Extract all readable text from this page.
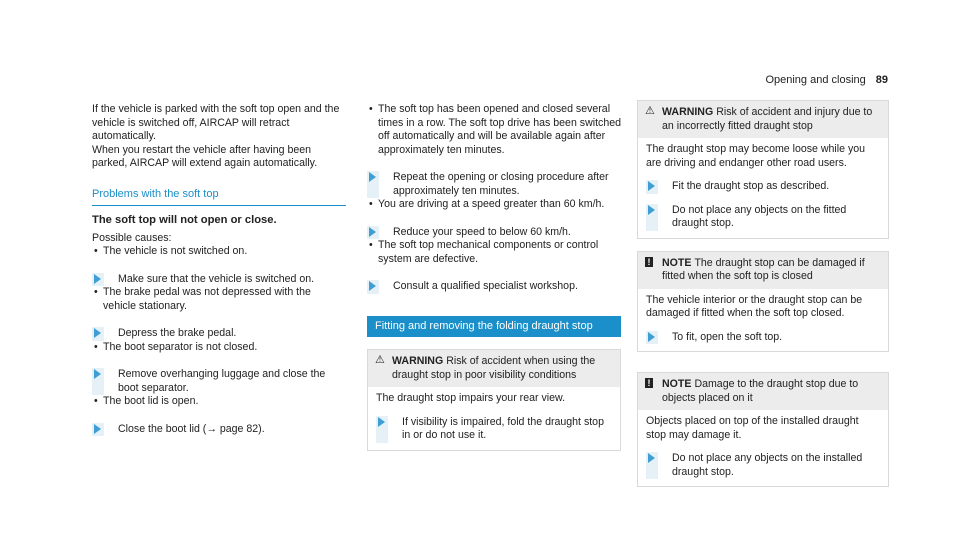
Opening and closing 89

If the vehicle is parked with the soft top open and the vehicle is switched off, AIRCAP will retract automatically.

When you restart the vehicle after having been parked, AIRCAP will extend again automatically.

Problems with the soft top
The soft top will not open or close.

Possible causes:

• The vehicle is not switched on.
Make sure that the vehicle is switched on.
• The brake pedal was not depressed with the vehicle stationary.
Depress the brake pedal.
• The boot separator is not closed.
Remove overhanging luggage and close the boot separator.
• The boot lid is open.
Close the boot lid (→ page 82).
• The soft top has been opened and closed several times in a row. The soft top drive has been switched off automatically and will be available again after approximately ten minutes.
Repeat the opening or closing procedure after approximately ten minutes.
• You are driving at a speed greater than 60 km/h.
Reduce your speed to below 60 km/h.
• The soft top mechanical components or control system are defective.
Consult a qualified specialist workshop.
Fitting and removing the folding draught stop
⚠ WARNING Risk of accident when using the draught stop in poor visibility conditions

The draught stop impairs your rear view.

If visibility is impaired, fold the draught stop in or do not use it.
⚠ WARNING Risk of accident and injury due to an incorrectly fitted draught stop

The draught stop may become loose while you are driving and endanger other road users.

Fit the draught stop as described.
Do not place any objects on the fitted draught stop.
! NOTE The draught stop can be damaged if fitted when the soft top is closed

The vehicle interior or the draught stop can be damaged if fitted when the soft top closed.

To fit, open the soft top.
! NOTE Damage to the draught stop due to objects placed on it

Objects placed on top of the installed draught stop may damage it.

Do not place any objects on the installed draught stop.
